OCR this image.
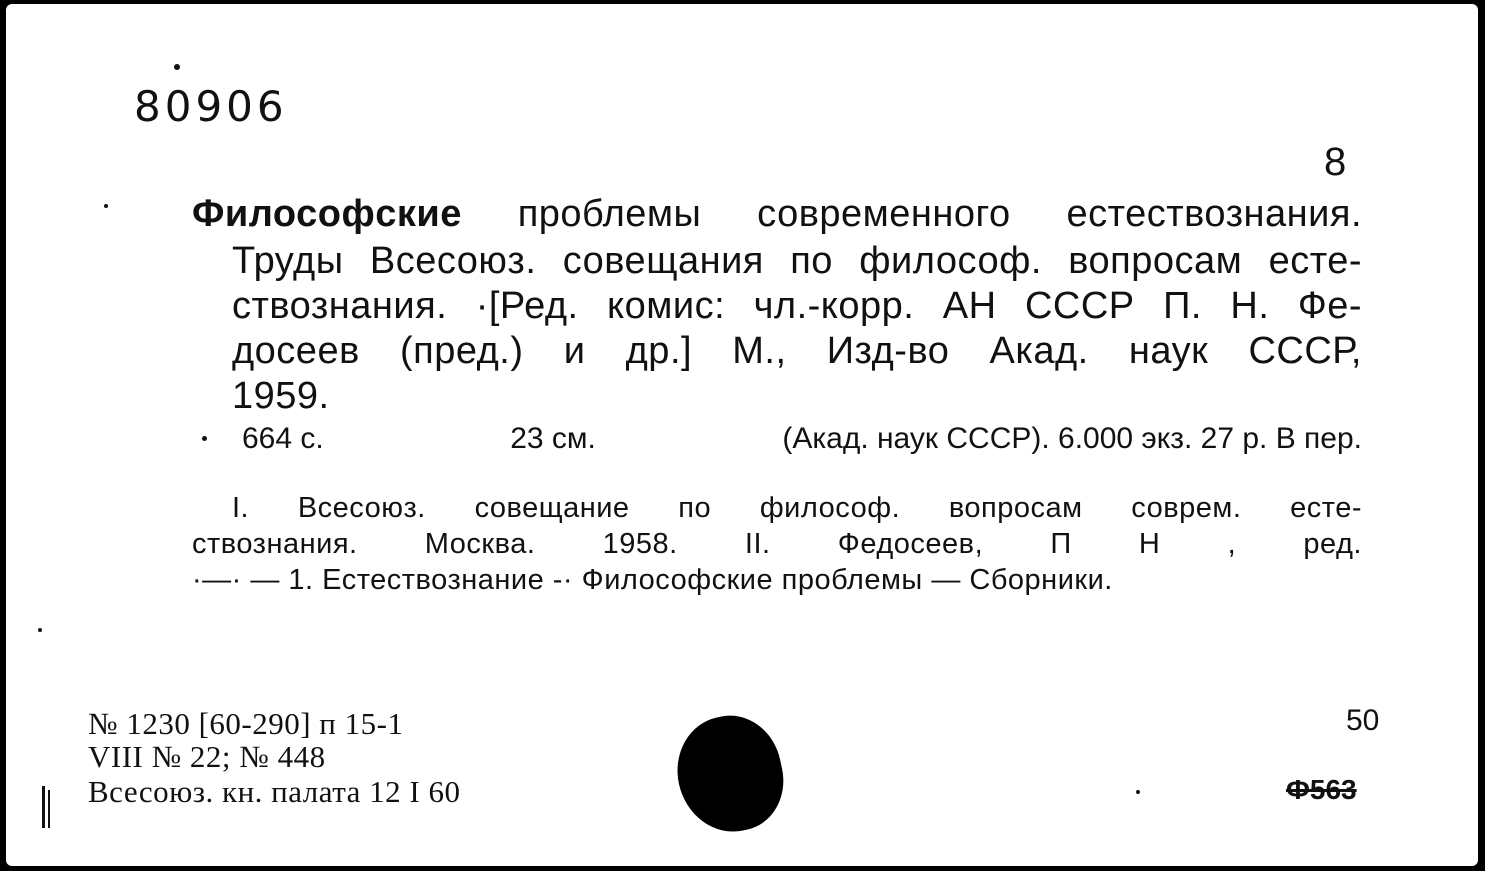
80906
8
Философские проблемы современного естествознания.
Труды Всесоюз. совещания по философ. вопросам есте-
ствознания. ·[Ред. комис: чл.-корр. АН СССР П. Н. Фе-
досеев (пред.) и др.] М., Изд-во Акад. наук СССР,
1959.
664 с.	23 см.	(Акад. наук СССР). 6.000 экз. 27 р. В пер.
I. Всесоюз. совещание по философ. вопросам соврем. есте-
ствознания. Москва. 1958. II. Федосеев, П Н , ред.
·—· — 1. Естествознание -· Философские проблемы — Сборники.
№ 1230 [60-290] п 15-1
VIII № 22; № 448
Всесоюз. кн. палата 12 I 60
50
Ф563
